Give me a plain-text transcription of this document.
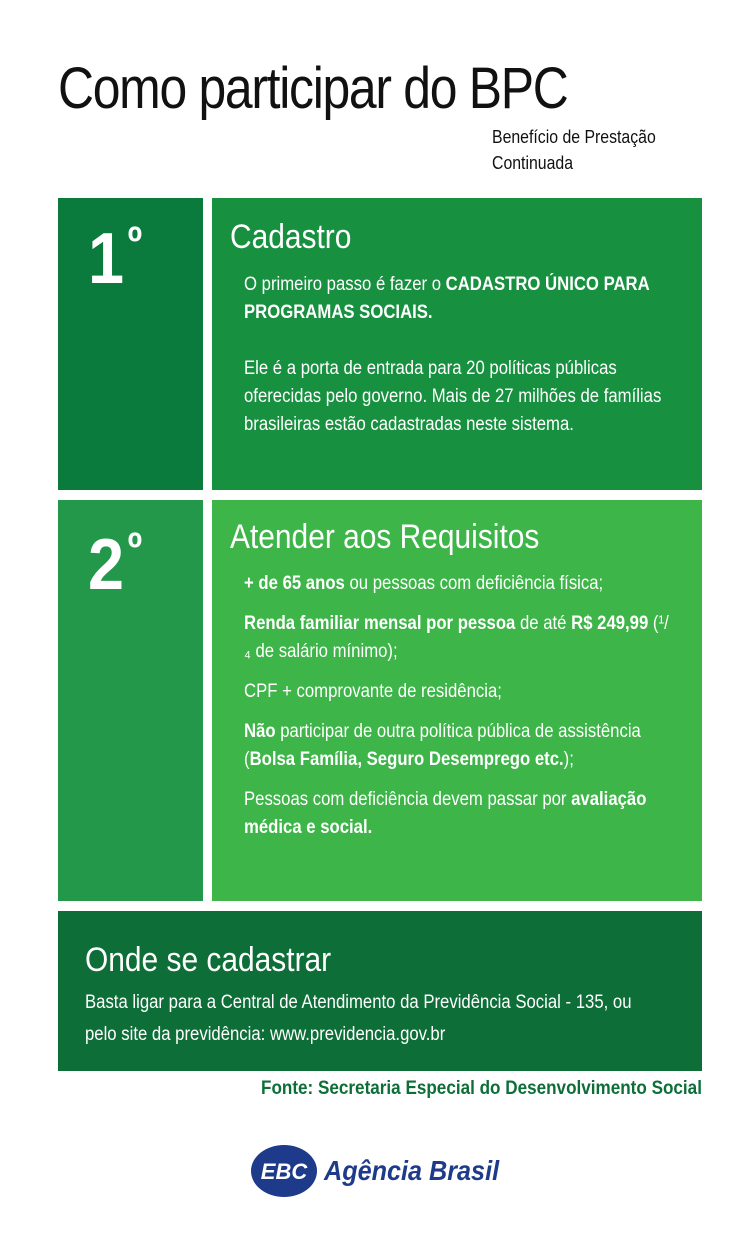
Como participar do BPC
Benefício de Prestação
Continuada
$1^º$	Cadastro

O primeiro passo é fazer o CADASTRO ÚNICO PARA PROGRAMAS SOCIAIS.

Ele é a porta de entrada para 20 políticas públicas oferecidas pelo governo. Mais de 27 milhões de famílias brasileiras estão cadastradas neste sistema.

$2^º$	Atender aos Requisitos

+ de 65 anos ou pessoas com deficiência física;

Renda familiar mensal por pessoa de até R$ 249,99 (¹/₄ de salário mínimo);

CPF + comprovante de residência;

Não participar de outra política pública de assistência (Bolsa Família, Seguro Desemprego etc.);

Pessoas com deficiência devem passar por avaliação médica e social.

Onde se cadastrar
Basta ligar para a Central de Atendimento da Previdência Social - 135, ou pelo site da previdência: www.previdencia.gov.br
Fonte: Secretaria Especial do Desenvolvimento Social
EBC Agência Brasil
